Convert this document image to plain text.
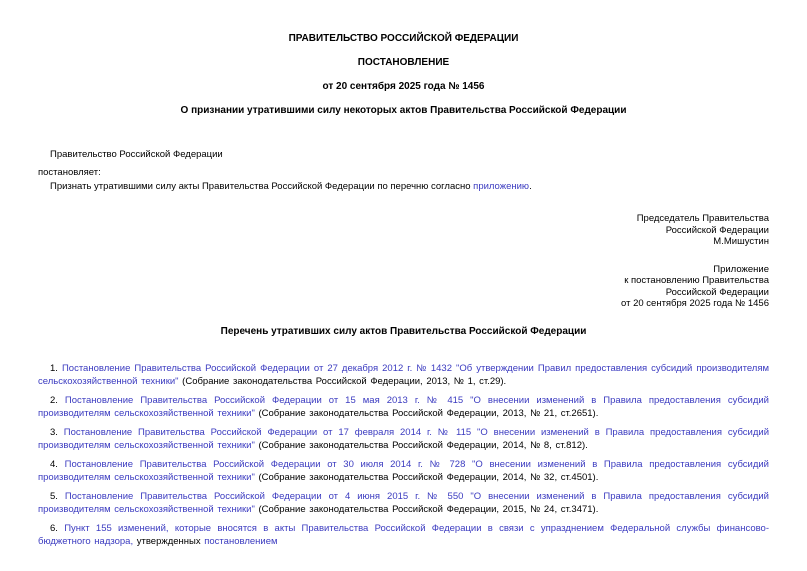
ПРАВИТЕЛЬСТВО РОССИЙСКОЙ ФЕДЕРАЦИИ
ПОСТАНОВЛЕНИЕ
от 20 сентября 2025 года № 1456
О признании утратившими силу некоторых актов Правительства Российской Федерации

Правительство Российской Федерации

постановляет:

Признать утратившими силу акты Правительства Российской Федерации по перечню согласно приложению.

Председатель Правительства
Российской Федерации
М.Мишустин
Приложение
к постановлению Правительства
Российской Федерации
от 20 сентября 2025 года № 1456
Перечень утративших силу актов Правительства Российской Федерации

1. Постановление Правительства Российской Федерации от 27 декабря 2012 г. № 1432 "Об утверждении Правил предоставления субсидий производителям сельскохозяйственной техники" (Собрание законодательства Российской Федерации, 2013, № 1, ст.29).

2. Постановление Правительства Российской Федерации от 15 мая 2013 г. № 415 "О внесении изменений в Правила предоставления субсидий производителям сельскохозяйственной техники" (Собрание законодательства Российской Федерации, 2013, № 21, ст.2651).

3. Постановление Правительства Российской Федерации от 17 февраля 2014 г. № 115 "О внесении изменений в Правила предоставления субсидий производителям сельскохозяйственной техники" (Собрание законодательства Российской Федерации, 2014, № 8, ст.812).

4. Постановление Правительства Российской Федерации от 30 июля 2014 г. № 728 "О внесении изменений в Правила предоставления субсидий производителям сельскохозяйственной техники" (Собрание законодательства Российской Федерации, 2014, № 32, ст.4501).

5. Постановление Правительства Российской Федерации от 4 июня 2015 г. № 550 "О внесении изменений в Правила предоставления субсидий производителям сельскохозяйственной техники" (Собрание законодательства Российской Федерации, 2015, № 24, ст.3471).

6. Пункт 155 изменений, которые вносятся в акты Правительства Российской Федерации в связи с упразднением Федеральной службы финансово-бюджетного надзора, утвержденных постановлением
